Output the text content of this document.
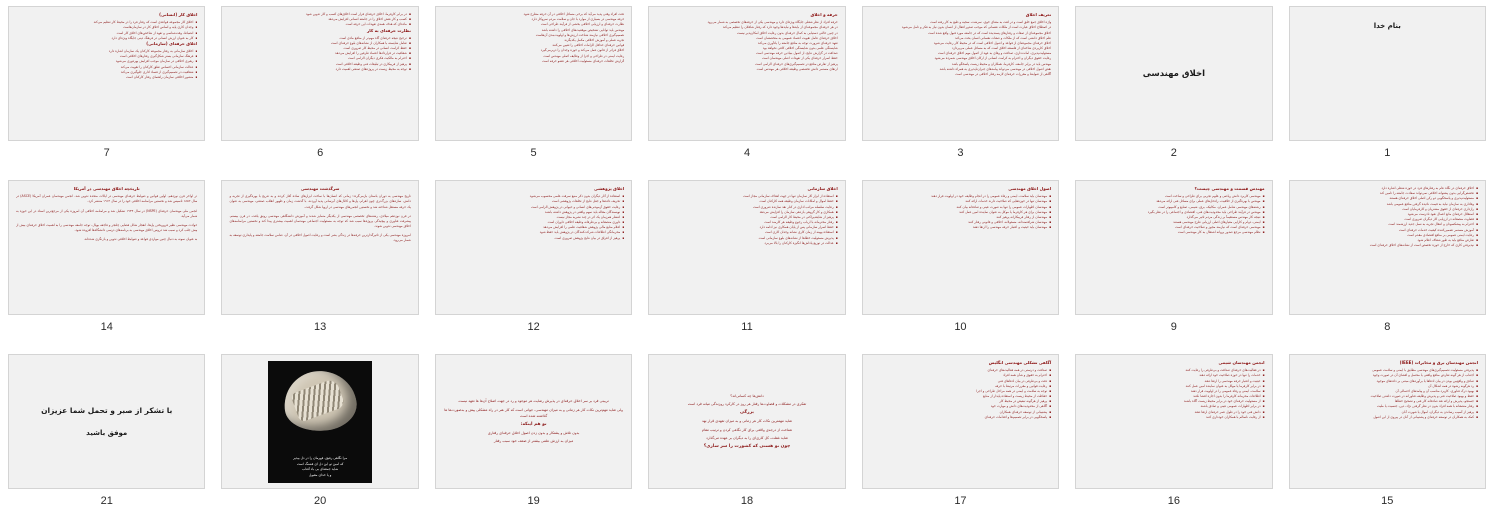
بنام خدا
1
اخلاق مهندسی
2
تعریف اخلاق
واژه اخلاق جمع خلق است و در لغت به معنای خوی، سرشت، سجیه و طبع به کار رفته است
در اصطلاح اخلاق عبارت است از ملکات نفسانی که موجب صدور افعال از انسان بدون نیاز به فکر و تامل می‌شود
اخلاق مجموعه‌ای از صفات و رفتارهای پسندیده است که در جامعه مورد قبول واقع شده است
علم اخلاق دانشی است که از ملکات و صفات نفسانی انسان بحث می‌کند
اخلاق حرفه‌ای مجموعه‌ای از قواعد و اصول اخلاقی است که در محیط کار رعایت می‌شود
اخلاق کاربردی شاخه‌ای از فلسفه اخلاق است که به مسائل عملی می‌پردازد
مسئولیت‌پذیری، امانت‌داری، صداقت و وفای به عهد از اصول مهم اخلاق حرفه‌ای است
رعایت حقوق دیگران و احترام به کرامت انسانی از ارکان اخلاق مهندسی شمرده می‌شود
مهندس باید در برابر جامعه، کارفرما، همکاران و محیط زیست پاسخگو باشد
نقض اصول اخلاقی در مهندسی می‌تواند پیامدهای جبران‌ناپذیری به همراه داشته باشد
آگاهی از ضوابط و مقررات حرفه‌ای لازمه رفتار اخلاقی در مهندسی است
3
حرفه و اخلاق
حرفه افراد از نظر شغلی جایگاه ویژه‌ای دارد و مهندسی یکی از حرفه‌های تخصصی به شمار می‌رود
در هر حرفه‌ای مجموعه‌ای از بایدها و نبایدها وجود دارد که رفتار شاغلان را تنظیم می‌کند
در چنین حالتی دستیابی به کمال حرفه‌ای بدون رعایت اخلاق امکان‌پذیر نیست
اخلاق حرفه‌ای عامل تقویت اعتماد عمومی به متخصصان است
تعهد حرفه‌ای ضرورت توجه به منافع جامعه را یادآوری می‌کند
شایستگی علمی بدون شایستگی اخلاقی کافی نخواهد بود
صداقت در گزارش نتایج، از اصول بنیادین حرفه مهندسی است
حفظ اسرار حرفه‌ای یکی از تعهدات اصلی مهندسان است
پرهیز از تعارض منافع در تصمیم‌گیری‌های حرفه‌ای الزامی است
ارتقای مستمر دانش تخصصی وظیفه اخلاقی هر مهندس است
4
دقت افراد وقتی پدید می‌آید که برخی مسائل اخلاقی در آن حرفه مطرح شود
حرفه مهندسی در بسیاری از موارد با جان و سلامت مردم سروکار دارد
نظارت حرفه‌ای و ارزیابی اخلاقی بخشی از فرآیند طراحی است
مهندس باید توانایی تشخیص موقعیت‌های اخلاقی را داشته باشد
تصمیم‌گیری اخلاقی نیازمند شناخت ارزش‌ها و اولویت‌بندی آن‌هاست
تجربه عملی و آموزش اخلاقی مکمل یکدیگرند
قوانین حرفه‌ای حداقل الزامات اخلاقی را تعیین می‌کنند
اخلاق فراتر از قانون عمل می‌کند و حوزه وجدان را دربرمی‌گیرد
رعایت ایمنی در طراحی و اجرا از وظایف اصلی مهندس است
گزارش تخلفات حرفه‌ای مسئولیت اخلاقی هر عضو حرفه است
5
▪ در برابر کارفرما، اخلاق حرفه‌ای قرار است اخلاق‌های کسب و کار تدوین شود
▪ کسب و کار نقش اخلاق را در جامعه انسانی افزایش می‌دهد
▪ ماده‌ای که هدف همه‌ی تعهدات این حرفه است
نظارت حرفه‌ای به کار
▪ ترجیح نتیجه حرفه‌ای گاه مهم‌تر از منافع مادی است
▪ تعامل شایسته با همکاران از نشانه‌های بلوغ حرفه‌ای است
▪ حفظ کرامت انسانی در محیط کار ضروری است
▪ شفافیت در قراردادها اعتماد طرفین را افزایش می‌دهد
▪ احترام به مالکیت فکری دیگران الزامی است
▪ پرهیز از فریبکاری در تبلیغات فنی وظیفه اخلاقی است
▪ توجه به محیط زیست در پروژه‌های صنعتی اهمیت دارد
6
اخلاق کار (انسانی)
▪ اخلاق کار مجموعه قواعدی است که رفتار فرد را در محیط کار تنظیم می‌کند
▪ وجدان کاری پایه و اساس اخلاق کار در سازمان‌هاست
▪ انضباط، وقت‌شناسی و تعهد از شاخص‌های اخلاق کار است
▪ کار به عنوان ارزش انسانی در فرهنگ دینی جایگاه ویژه‌ای دارد
اخلاق حرفه‌ای (سازمانی)
▪ اخلاق سازمانی به رفتار مجموعه کارکنان یک سازمان اشاره دارد
▪ فرهنگ سازمانی بستر شکل‌گیری رفتارهای اخلاقی است
▪ رهبری اخلاقی در سازمان موجب افزایش بهره‌وری می‌شود
▪ عدالت سازمانی احساس تعلق کارکنان را تقویت می‌کند
▪ شفافیت در تصمیم‌گیری از فساد اداری جلوگیری می‌کند
▪ منشور اخلاقی سازمان راهنمای رفتار کارکنان است
7
▪ اخلاق حرفه‌ای در نگاه عام به رفتارهای فرد در حوزه شغلی اشاره دارد
▪ تخصص‌گرایی بدون پشتوانه اخلاقی نمی‌تواند سعادت جامعه را تامین کند
▪ مسئولیت‌پذیری و پاسخگویی دو رکن اصلی اخلاق حرفه‌ای هستند
▪ وفاداری به سازمان نباید به قیمت نادیده گرفتن منافع عمومی باشد
▪ رازداری حرفه‌ای از حقوق مشتریان و کارفرمایان است
▪ استقلال حرفه‌ای مانع اعمال نفوذ نادرست می‌شود
▪ قضاوت منصفانه در ارزیابی کار دیگران ضروری است
▪ احترام به پیشکسوتان و انتقال تجربه به نسل جدید ارزشمند است
▪ آموزش مستمر تضمین‌کننده کیفیت خدمات حرفه‌ای است
▪ رعایت ایمنی عمومی بر منافع اقتصادی مقدم است
▪ تعارض منافع باید به طور شفاف اعلام شود
▪ نپذیرفتن کاری که خارج از حوزه تخصص است از نشانه‌های اخلاق حرفه‌ای است
8
مهندس قسمت و مهندسی چیست؟
▪ مهندسی کاربرد دانش ریاضی و علوم تجربی برای طراحی و ساخت است
▪ مهندس با بهره‌گیری از خلاقیت، راه‌حل‌های عملی برای مسائل فنی ارائه می‌دهد
▪ رشته‌های مهندسی شامل عمران، مکانیک، برق، شیمی، صنایع و کامپیوتر است
▪ مهندس در فرآیند طراحی باید محدودیت‌های فنی، اقتصادی و اجتماعی را در نظر بگیرد
▪ نتیجه کار مهندس مستقیماً بر زندگی مردم تاثیر می‌گذارد
▪ ایمنی، دوام و کارایی معیارهای اصلی ارزیابی طرح مهندسی هستند
▪ مهندسی حرفه‌ای است که نیازمند مجوز و صلاحیت حرفه‌ای است
▪ نظام مهندسی مرجع صدور پروانه اشتغال به کار مهندسی است
9
اصول اخلاق مهندسی
▪ مهندسان باید سلامت، ایمنی و رفاه عمومی را در انجام وظایف خود در اولویت قرار دهند
▪ مهندسان تنها در حوزه‌هایی که صلاحیت دارند خدمات ارائه کنند
▪ مهندسان اظهارات عمومی را تنها به صورت عینی و صادقانه بیان کنند
▪ مهندسان برای هر کارفرما یا موکل به عنوان نماینده امین عمل کنند
▪ مهندسان از رفتار فریبکارانه پرهیز کنند
▪ مهندسان شرافتمندانه، مسئولانه، اخلاقی و قانونی رفتار کنند
▪ مهندسان باید حیثیت و اعتبار حرفه مهندسی را ارتقا دهند
10
اخلاق سازمانی
▪ استفاده از ابزار کار سازمان تنها در جهت اهداف سازمانی مجاز است
▪ حفظ اموال و امکانات سازمان وظیفه همه کارکنان است
▪ رعایت سلسله مراتب اداری در کنار نقد سازنده ضروری است
▪ همکاری و کار گروهی بازدهی سازمان را افزایش می‌دهد
▪ پرهیز از شایعه‌پراکنی در محیط کار الزامی است
▪ رفتار محترمانه با ارباب رجوع وظیفه هر کارمند است
▪ حفظ اسرار سازمانی پس از پایان همکاری نیز ادامه دارد
▪ استفاده بهینه از زمان کاری نشانه وجدان کاری است
▪ پذیرش مسئولیت خطاها از نشانه‌های بلوغ سازمانی است
▪ عدالت در توزیع پاداش‌ها انگیزه کارکنان را بالا می‌برد
11
اخلاق پژوهشی
▪ استفاده از آثار دیگران بدون ذکر منبع سرقت علمی محسوب می‌شود
▪ تحریف داده‌ها و جعل نتایج از تخلفات پژوهشی است
▪ رعایت حقوق آزمودنی‌های انسانی و حیوانی در پژوهش الزامی است
▪ نویسندگان مقاله باید سهم واقعی در پژوهش داشته باشند
▪ انتشار هم‌زمان یک اثر در چند نشریه مجاز نیست
▪ داوری منصفانه و بی‌طرفانه وظیفه اخلاقی داوران است
▪ اعلام منابع مالی پژوهش شفافیت علمی را افزایش می‌دهد
▪ محرمانگی اطلاعات شرکت‌کنندگان در پژوهش باید حفظ شود
▪ پرهیز از اغراق در بیان نتایج پژوهش ضروری است
12
سرگذشت مهندسی
تاریخ مهندسی به دوران باستان بازمی‌گردد؛ زمانی که انسان‌ها با ساخت ابزارهای ساده آغاز کردند و به تدریج با بهره‌گیری از تجربه و دانش، سازه‌های بزرگ‌تری چون اهرام، پل‌ها و کانال‌های آبرسانی پدید آوردند. با گذشت زمان و ظهور انقلاب صنعتی، مهندسی به عنوان یک حرفه مستقل شناخته شد و نخستین انجمن‌های مهندسی در اروپا شکل گرفت.
در قرن نوزدهم میلادی، رشته‌های تخصصی مهندسی از یکدیگر متمایز شدند و آموزش دانشگاهی مهندسی رونق یافت. در قرن بیستم، پیشرفت فناوری و پیچیدگی پروژه‌ها سبب شد که توجه به مسئولیت اجتماعی مهندسان اهمیت بیشتری پیدا کند و نخستین مرامنامه‌های اخلاق مهندسی تدوین شوند.
امروزه مهندسی یکی از تاثیرگذارترین حرفه‌ها در زندگی بشر است و رعایت اصول اخلاقی در آن، ضامن سلامت جامعه و پایداری توسعه به شمار می‌رود.
13
تاریخچه اخلاق مهندسی در آمریکا
در اواخر قرن نوزدهم، اولین قوانین و ضوابط حرفه‌ای مهندسی در ایالات متحده تدوین شد. انجمن مهندسان عمران آمریکا (ASCE) در سال ۱۸۵۲ تاسیس شد و نخستین مرامنامه اخلاقی خود را در سال ۱۹۱۴ منتشر کرد.
انجمن ملی مهندسان حرفه‌ای (NSPE) در سال ۱۹۳۴ تشکیل شد و مرامنامه اخلاقی آن امروزه یکی از مرجع‌ترین اسناد در این حوزه به شمار می‌آید.
حوادث مهندسی نظیر فروریختن پل‌ها، انفجار شاتل فضایی چلنجر و فاجعه بوپال، توجه جامعه مهندسی را به اهمیت اخلاق حرفه‌ای بیش از پیش جلب کرد و سبب شد دروس اخلاق مهندسی به برنامه‌های درسی دانشگاه‌ها افزوده شود.
به عنوان نمونه به دنبال چنین مواردی قواعد و ضوابط اخلاقی تدوین و بازنگری شده‌اند.
14
انجمن مهندسان برق و مخابرات (IEEE)
▪ پذیرفتن مسئولیت تصمیم‌گیری‌های مهندسی مطابق با ایمنی و سلامت عمومی
▪ اجتناب از هر گونه تعارض منافع واقعی یا محتمل و افشای آن در صورت وجود
▪ صادق و واقع‌بین بودن در بیان ادعاها یا برآوردهای مبتنی بر داده‌های موجود
▪ رد هرگونه رشوه در همه اشکال آن
▪ بهبود درک فناوری، کاربرد مناسب آن و پیامدهای احتمالی آن
▪ حفظ و بهبود صلاحیت فنی و پذیرش وظایف فناورانه در صورت داشتن صلاحیت
▪ جستجو، پذیرش و ارائه نقد صادقانه کار فنی و تصحیح خطاها
▪ رفتار منصفانه با همه افراد بدون در نظر گرفتن نژاد، دین، جنسیت یا ملیت
▪ پرهیز از آسیب رساندن به دیگران، اموال یا شهرت آنان
▪ کمک به همکاران در توسعه حرفه‌ای و پشتیبانی از آنان در پیروی از این اصول
15
انجمن مهندسان شیمی
▪ در فعالیت‌های حرفه‌ای صداقت و بی‌طرفی را رعایت کنند
▪ خدمات را تنها در حوزه صلاحیت خود ارائه دهند
▪ حیثیت و اعتبار حرفه مهندسی را ارتقا دهند
▪ در برابر کارفرما یا موکل به عنوان نماینده امین عمل کنند
▪ سلامت، ایمنی و رفاه عمومی را در اولویت قرار دهند
▪ اطلاعات محرمانه کارفرما را بدون اجازه افشا نکنند
▪ از مسئولیت حرفه‌ای خود در برابر محیط زیست آگاه باشند
▪ در برابر اظهارات عمومی عینی و صادق باشند
▪ دانش فنی خود را در طول عمر حرفه‌ای ارتقا دهند
▪ از رقابت ناسالم با همکاران خودداری کنند
16
آگاهی تشکلی مهندسی انگلیس
▪ صداقت و درستی در همه فعالیت‌های حرفه‌ای
▪ احترام به حقوق و شأن همه افراد
▪ دقت و بی‌طرفی در بیان ادعاهای فنی
▪ رعایت قوانین و مقررات مرتبط با حرفه
▪ توجه به سلامت و ایمنی در همه مراحل طراحی و اجرا
▪ حفاظت از محیط زیست و استفاده پایدار از منابع
▪ پرهیز از هرگونه تبعیض در محیط کار
▪ آگاهی از محدودیت‌های دانش و مهارت خود
▪ پشتیبانی از توسعه حرفه‌ای همکاران
▪ پاسخگویی در برابر تصمیم‌ها و اقدامات حرفه‌ای
17
دانش‌ها چه کسانی‌اند؟
تفکری در مشکلات و قضاوت‌ها رفتار هر روز در کارکرد روزندگی میانه فرد است
بزرگی
شاید مهمترین نکات کار هر زمانی و به میزان تعهدی قرار نهد
شناخت از درجه‌ی واقعی برای کار نگاهی کردن و ترتیب مقام
شاید غفلت، کل کاری‌ای را به دیگران بر عهده می‌گذارد
چون نو هستی که کشورت را سر سازی؟
18
تربیتی فرد بر سر اخلاق حرفه‌ای در پذیرش رضایت هر موجود و رد در جهت اصلاح آن‌ها ها تعهد نیست
ولی شاید مهم‌ترین نکات کار هر زمانی و به میزان مهندسی، جوانی است که کار هنر در راه مشکلی پیش و به‌صورت‌ها ها گذاشته شده است
تو هم اینکه:
بدون تلاش و پشتکار و بدون زدن اصول اخلاق حرفه‌ای رفتاری
میزان به ارزش علمی بیشتر از ضعف خود سبب رفتار
19
مرا نگاهی رفیق، قهرمان را در دل بپذیر
که امین تو این دل ای قشنگ است
شاید جمعه‌ای بی باد آفتاب
و یا خدای مقبول
20
با تشکر از صبر و تحمل شما عزیزان
موفق باشید
21
